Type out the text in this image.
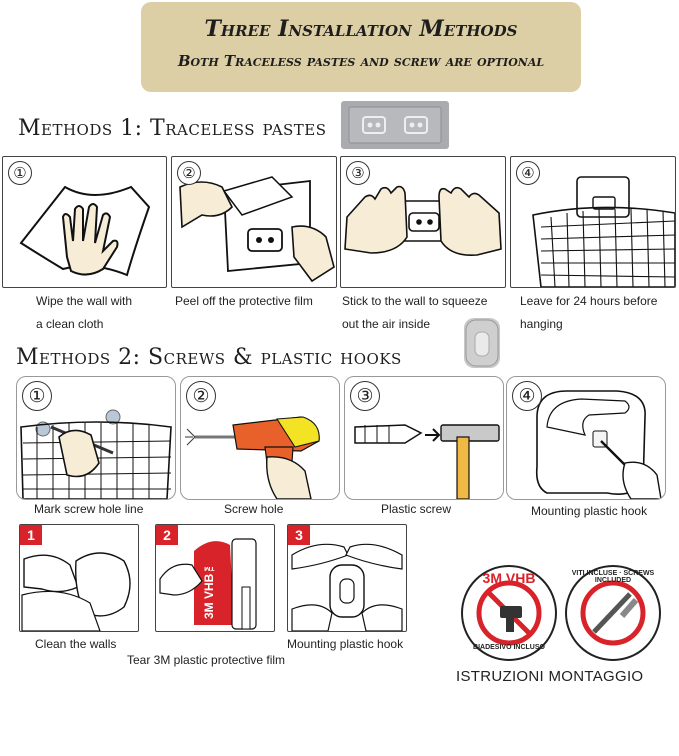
Three Installation Methods
Both Traceless pastes and screw are optional
Methods 1: Traceless pastes
①
Wipe the wall with
a clean cloth
②
Peel off the protective film
③
Stick to the wall to squeeze
out the air inside
④
Leave for 24 hours before
hanging
Methods 2: Screws & plastic hooks
①
Mark screw hole line
②
Screw hole
③
Plastic screw
④
Mounting plastic hook
1
Clean the walls
2
3M VHB™
Tear 3M plastic protective film
3
Mounting plastic hook
3M VHB
BIADESIVO INCLUSO
VITI INCLUSE · SCREWS INCLUDED
ISTRUZIONI MONTAGGIO
